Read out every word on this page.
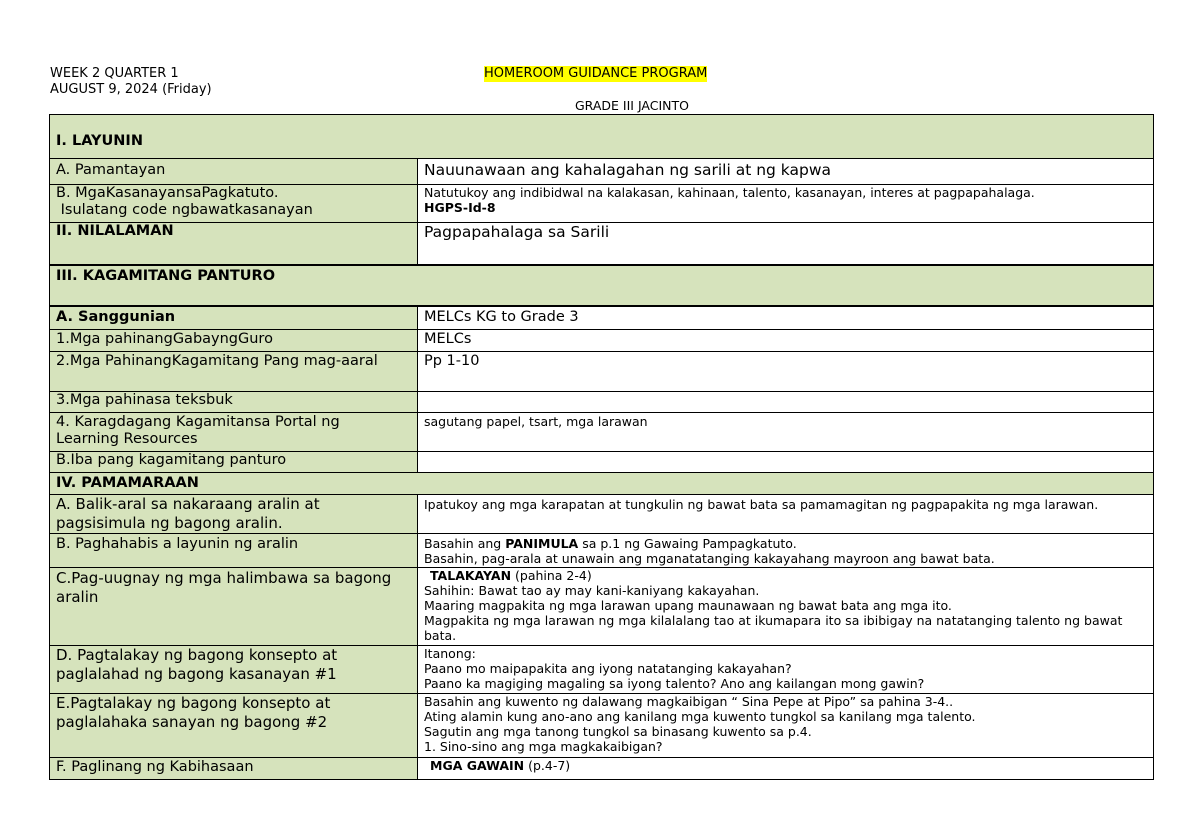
WEEK 2 QUARTER 1
AUGUST 9, 2024 (Friday)
HOMEROOM GUIDANCE PROGRAM
GRADE III JACINTO
I. LAYUNIN	
A. Pamantayan	Nauunawaan ang kahalagahan ng sarili at ng kapwa

B. MgaKasanayansaPagkatuto.
Isulatang code ngbawatkasanayan	Natutukoy ang indibidwal na kalakasan, kahinaan, talento, kasanayan, interes at pagpapahalaga.
HGPS-Id-8

II. NILALAMAN	Pagpapahalaga sa Sarili
III. KAGAMITANG PANTURO	
A. Sanggunian	MELCs KG to Grade 3
1.Mga pahinangGabayngGuro	MELCs
2.Mga PahinangKagamitang Pang mag-aaral	Pp 1-10
3.Mga pahinasa teksbuk	
4. Karagdagang Kagamitansa Portal ng Learning Resources	sagutang papel, tsart, mga larawan
B.Iba pang kagamitang panturo	
IV. PAMAMARAAN	
A. Balik-aral sa nakaraang aralin at pagsisimula ng bagong aralin.	Ipatukoy ang mga karapatan at tungkulin ng bawat bata sa pamamagitan ng pagpapakita ng mga larawan.
B. Paghahabis a layunin ng aralin	Basahin ang PANIMULA sa p.1 ng Gawaing Pampagkatuto.
Basahin, pag-arala at unawain ang mganatatanging kakayahang mayroon ang bawat bata.

C.Pag-uugnay ng mga halimbawa sa bagong aralin	TALAKAYAN (pahina 2-4)
Sahihin: Bawat tao ay may kani-kaniyang kakayahan.
Maaring magpakita ng mga larawan upang maunawaan ng bawat bata ang mga ito.
Magpakita ng mga larawan ng mga kilalalang tao at ikumapara ito sa ibibigay na natatanging talento ng bawat bata.

D. Pagtalakay ng bagong konsepto at paglalahad ng bagong kasanayan #1	Itanong:
Paano mo maipapakita ang iyong natatanging kakayahan?
Paano ka magiging magaling sa iyong talento? Ano ang kailangan mong gawin?

E.Pagtalakay ng bagong konsepto at paglalahaka sanayan ng bagong #2	Basahin ang kuwento ng dalawang magkaibigan “ Sina Pepe at Pipo” sa pahina 3-4..
Ating alamin kung ano-ano ang kanilang mga kuwento tungkol sa kanilang mga talento.
Sagutin ang mga tanong tungkol sa binasang kuwento sa p.4.
1. Sino-sino ang mga magkakaibigan?

F. Paglinang ng Kabihasaan	MGA GAWAIN (p.4-7)
